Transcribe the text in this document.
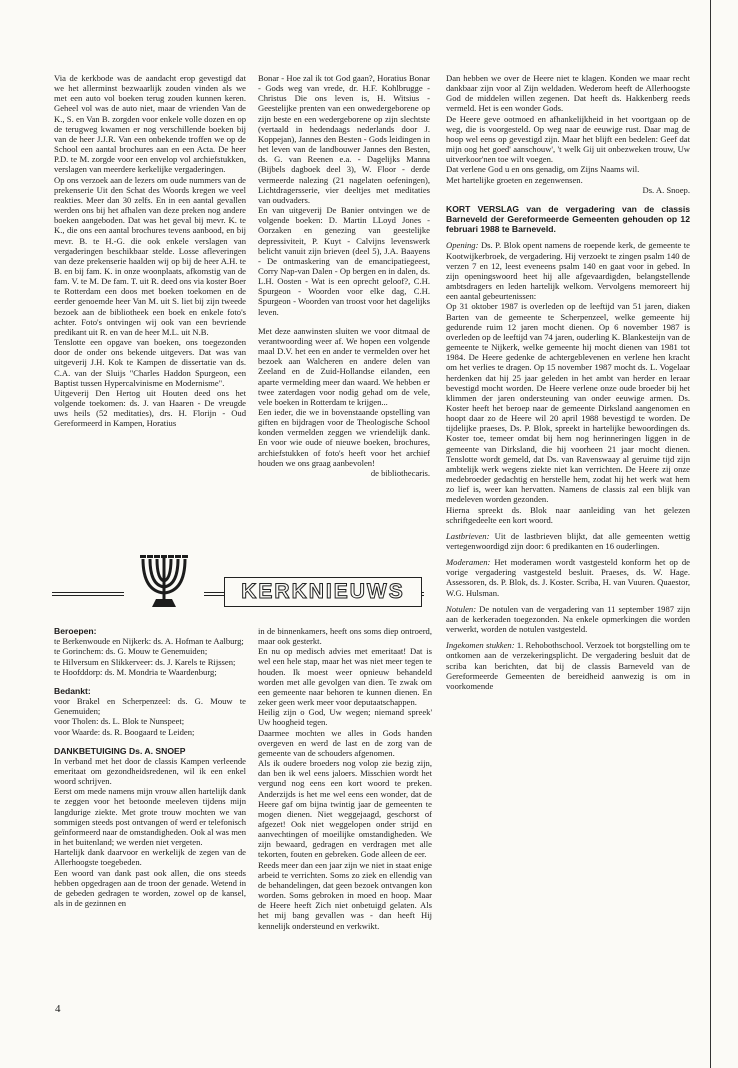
Via de kerkbode was de aandacht erop gevestigd dat we het allerminst bezwaarlijk zouden vinden als we met een auto vol boeken terug zouden kunnen keren. Geheel vol was de auto niet, maar de vrienden Van de K., S. en Van B. zorgden voor enkele volle dozen en op de terugweg kwamen er nog verschillende boeken bij van de heer J.J.R. Van een onbekende troffen we op de School een aantal brochures aan en een Acta. De heer P.D. te M. zorgde voor een envelop vol archiefstukken, verslagen van meerdere kerkelijke vergaderingen.

Op ons verzoek aan de lezers om oude nummers van de prekenserie Uit den Schat des Woords kregen we veel reakties. Meer dan 30 zelfs. En in een aantal gevallen werden ons bij het afhalen van deze preken nog andere boeken aangeboden. Dat was het geval bij mevr. K. te K., die ons een aantal brochures tevens aanbood, en bij mevr. B. te H.-G. die ook enkele verslagen van vergaderingen beschikbaar stelde. Losse afleveringen van deze prekenserie haalden wij op bij de heer A.H. te B. en bij fam. K. in onze woonplaats, afkomstig van de fam. V. te M. De fam. T. uit R. deed ons via koster Boer te Rotterdam een doos met boeken toekomen en de eerder genoemde heer Van M. uit S. liet bij zijn tweede bezoek aan de bibliotheek een boek en enkele foto's achter. Foto's ontvingen wij ook van een bevriende predikant uit R. en van de heer M.L. uit N.B.

Tenslotte een opgave van boeken, ons toegezonden door de onder ons bekende uitgevers. Dat was van uitgeverij J.H. Kok te Kampen de dissertatie van ds. C.A. van der Sluijs "Charles Haddon Spurgeon, een Baptist tussen Hypercalvinisme en Modernisme".

Uitgeverij Den Hertog uit Houten deed ons het volgende toekomen: ds. J. van Haaren - De vreugde uws heils (52 meditaties), drs. H. Florijn - Oud Gereformeerd in Kampen, Horatius

Bonar - Hoe zal ik tot God gaan?, Horatius Bonar - Gods weg van vrede, dr. H.F. Kohlbrugge - Christus Die ons leven is, H. Witsius - Geestelijke prenten van een onwedergeborene op zijn beste en een wedergeborene op zijn slechtste (vertaald in hedendaags nederlands door J. Koppejan), Jannes den Besten - Gods leidingen in het leven van de landbouwer Jannes den Besten, ds. G. van Reenen e.a. - Dagelijks Manna (Bijbels dagboek deel 3), W. Floor - derde vermeerde nalezing (21 nagelaten oefeningen), Lichtdragersserie, vier deeltjes met meditaties van oudvaders.

En van uitgeverij De Banier ontvingen we de volgende boeken: D. Martin LLoyd Jones - Oorzaken en genezing van geestelijke depressiviteit, P. Kuyt - Calvijns levenswerk belicht vanuit zijn brieven (deel 5), J.A. Baayens - De ontmaskering van de emancipatiegeest, Corry Nap-van Dalen - Op bergen en in dalen, ds. L.H. Oosten - Wat is een oprecht geloof?, C.H. Spurgeon - Woorden voor elke dag, C.H. Spurgeon - Woorden van troost voor het dagelijks leven.

Met deze aanwinsten sluiten we voor ditmaal de verantwoording weer af. We hopen een volgende maal D.V. het een en ander te vermelden over het bezoek aan Walcheren en andere delen van Zeeland en de Zuid-Hollandse eilanden, een aparte vermelding meer dan waard. We hebben er twee zaterdagen voor nodig gehad om de vele, vele boeken in Rotterdam te krijgen...

Een ieder, die we in bovenstaande opstelling van giften en bijdragen voor de Theologische School konden vermelden zeggen we vriendelijk dank. En voor wie oude of nieuwe boeken, brochures, archiefstukken of foto's heeft voor het archief houden we ons graag aanbevolen!

de bibliothecaris.

Dan hebben we over de Heere niet te klagen. Konden we maar recht dankbaar zijn voor al Zijn weldaden. Wederom heeft de Allerhoogste God de middelen willen zegenen. Dat heeft ds. Hakkenberg reeds vermeld. Het is een wonder Gods.

De Heere geve ootmoed en afhankelijkheid in het voortgaan op de weg, die is voorgesteld. Op weg naar de eeuwige rust. Daar mag de hoop wel eens op gevestigd zijn. Maar het blijft een bedelen: Geef dat mijn oog het goed' aanschouw', 't welk Gij uit onbezweken trouw, Uw uitverkoor'nen toe wilt voegen.

Dat verlene God u en ons genadig, om Zijns Naams wil.

Met hartelijke groeten en zegenwensen.

Ds. A. Snoep.

KORT VERSLAG van de vergadering van de classis Barneveld der Gereformeerde Gemeenten gehouden op 12 februari 1988 te Barneveld.

Opening: Ds. P. Blok opent namens de roepende kerk, de gemeente te Kootwijkerbroek, de vergadering. Hij verzoekt te zingen psalm 140 de verzen 7 en 12, leest eveneens psalm 140 en gaat voor in gebed. In zijn openingswoord heet hij alle afgevaardigden, belangstellende ambtsdragers en leden hartelijk welkom. Vervolgens memoreert hij een aantal gebeurtenissen:

Op 31 oktober 1987 is overleden op de leeftijd van 51 jaren, diaken Barten van de gemeente te Scherpenzeel, welke gemeente hij gedurende ruim 12 jaren mocht dienen. Op 6 november 1987 is overleden op de leeftijd van 74 jaren, ouderling K. Blankesteijn van de gemeente te Nijkerk, welke gemeente hij mocht dienen van 1981 tot 1984. De Heere gedenke de achtergeblevenen en verlene hen kracht om het verlies te dragen. Op 15 november 1987 mocht ds. L. Vogelaar herdenken dat hij 25 jaar geleden in het ambt van herder en leraar bevestigd mocht worden. De Heere verlene onze oude broeder bij het klimmen der jaren ondersteuning van onder eeuwige armen. Ds. Koster heeft het beroep naar de gemeente Dirksland aangenomen en hoopt daar zo de Heere wil 20 april 1988 bevestigd te worden. De tijdelijke praeses, Ds. P. Blok, spreekt in hartelijke bewoordingen ds. Koster toe, temeer omdat bij hem nog herinneringen liggen in de gemeente van Dirksland, die hij voorheen 21 jaar mocht dienen. Tenslotte wordt gemeld, dat Ds. van Ravenswaay al geruime tijd zijn ambtelijk werk wegens ziekte niet kan verrichten. De Heere zij onze medebroeder gedachtig en herstelle hem, zodat hij het werk wat hem zo lief is, weer kan hervatten. Namens de classis zal een blijk van medeleven worden gezonden.

Hierna spreekt ds. Blok naar aanleiding van het gelezen schriftgedeelte een kort woord.

Lastbrieven: Uit de lastbrieven blijkt, dat alle gemeenten wettig vertegenwoordigd zijn door: 6 predikanten en 16 ouderlingen.

Moderamen: Het moderamen wordt vastgesteld konform het op de vorige vergadering vastgesteld besluit. Praeses, ds. W. Hage. Assessoren, ds. P. Blok, ds. J. Koster. Scriba, H. van Vuuren. Quaestor, W.G. Hulsman.

Notulen: De notulen van de vergadering van 11 september 1987 zijn aan de kerkeraden toegezonden. Na enkele opmerkingen die worden verwerkt, worden de notulen vastgesteld.

Ingekomen stukken: 1. Rehobothschool. Verzoek tot borgstelling om te ontkomen aan de verzekeringsplicht. De vergadering besluit dat de scriba kan berichten, dat bij de classis Barneveld van de Gereformeerde Gemeenten de bereidheid aanwezig is om in voorkomende

KERKNIEUWS
Beroepen:

te Berkenwoude en Nijkerk: ds. A. Hofman te Aalburg;

te Gorinchem: ds. G. Mouw te Genemuiden;

te Hilversum en Slikkerveer: ds. J. Karels te Rijssen;

te Hoofddorp: ds. M. Mondria te Waardenburg;

Bedankt:

voor Brakel en Scherpenzeel: ds. G. Mouw te Genemuiden;

voor Tholen: ds. L. Blok te Nunspeet;

voor Waarde: ds. R. Boogaard te Leiden;

DANKBETUIGING Ds. A. SNOEP

In verband met het door de classis Kampen verleende emeritaat om gezondheidsredenen, wil ik een enkel woord schrijven.

Eerst om mede namens mijn vrouw allen hartelijk dank te zeggen voor het betoonde meeleven tijdens mijn langdurige ziekte. Met grote trouw mochten we van sommigen steeds post ontvangen of werd er telefonisch geïnformeerd naar de omstandigheden. Ook al was men in het buitenland; we werden niet vergeten.

Hartelijk dank daarvoor en werkelijk de zegen van de Allerhoogste toegebeden.

Een woord van dank past ook allen, die ons steeds hebben opgedragen aan de troon der genade. Wetend in de gebeden gedragen te worden, zowel op de kansel, als in de gezinnen en

in de binnenkamers, heeft ons soms diep ontroerd, maar ook gesterkt.

En nu op medisch advies met emeritaat! Dat is wel een hele stap, maar het was niet meer tegen te houden. Ik moest weer opnieuw behandeld worden met alle gevolgen van dien. Te zwak om een gemeente naar behoren te kunnen dienen. En zeker geen werk meer voor deputaatschappen.

Heilig zijn o God, Uw wegen; niemand spreek' Uw hoogheid tegen.

Daarmee mochten we alles in Gods handen overgeven en werd de last en de zorg van de gemeente van de schouders afgenomen.

Als ik oudere broeders nog volop zie bezig zijn, dan ben ik wel eens jaloers. Misschien wordt het vergund nog eens een kort woord te preken. Anderzijds is het me wel eens een wonder, dat de Heere gaf om bijna twintig jaar de gemeenten te mogen dienen. Niet weggejaagd, geschorst of afgezet! Ook niet weggelopen onder strijd en aanvechtingen of moeilijke omstandigheden. We zijn bewaard, gedragen en verdragen met alle tekorten, fouten en gebreken. Gode alleen de eer.

Reeds meer dan een jaar zijn we niet in staat enige arbeid te verrichten. Soms zo ziek en ellendig van de behandelingen, dat geen bezoek ontvangen kon worden. Soms gebroken in moed en hoop. Maar de Heere heeft Zich niet onbetuigd gelaten. Als het mij bang gevallen was - dan heeft Hij kennelijk ondersteund en verkwikt.

4
